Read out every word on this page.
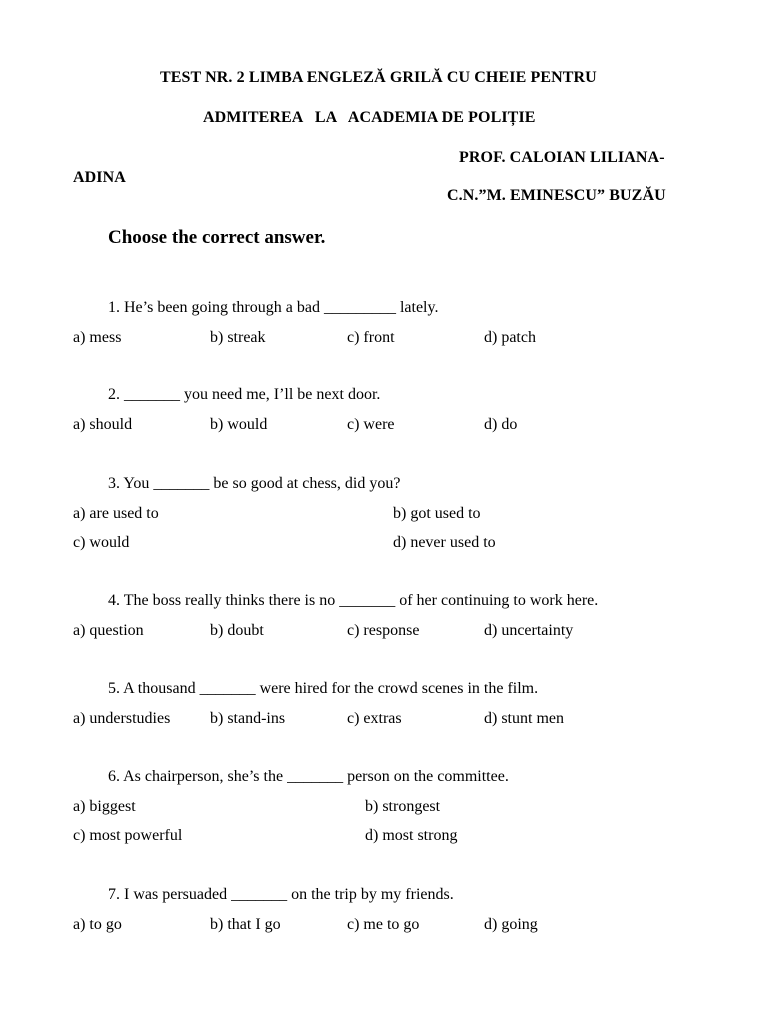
TEST NR. 2 LIMBA ENGLEZĂ GRILĂ CU CHEIE PENTRU
ADMITEREA   LA   ACADEMIA DE POLIȚIE
PROF. CALOIAN LILIANA-
ADINA
C.N.”M. EMINESCU” BUZĂU
Choose the correct answer.
1. He’s been going through a bad _________ lately.
a) mess	b) streak	c) front	d) patch
2. _______ you need me, I’ll be next door.
a) should	b) would	c) were	d) do
3. You _______ be so good at chess, did you?
a) are used to	b) got used to
c) would	d) never used to
4. The boss really thinks there is no _______ of her continuing to work here.
a) question	b) doubt	c) response	d) uncertainty
5. A thousand _______ were hired for the crowd scenes in the film.
a) understudies b) stand-ins	c) extras	d) stunt men
6. As chairperson, she’s the _______ person on the committee.
a) biggest	b) strongest
c) most powerful	d) most strong
7. I was persuaded _______ on the trip by my friends.
a) to go	b) that I go	c) me to go	d) going
